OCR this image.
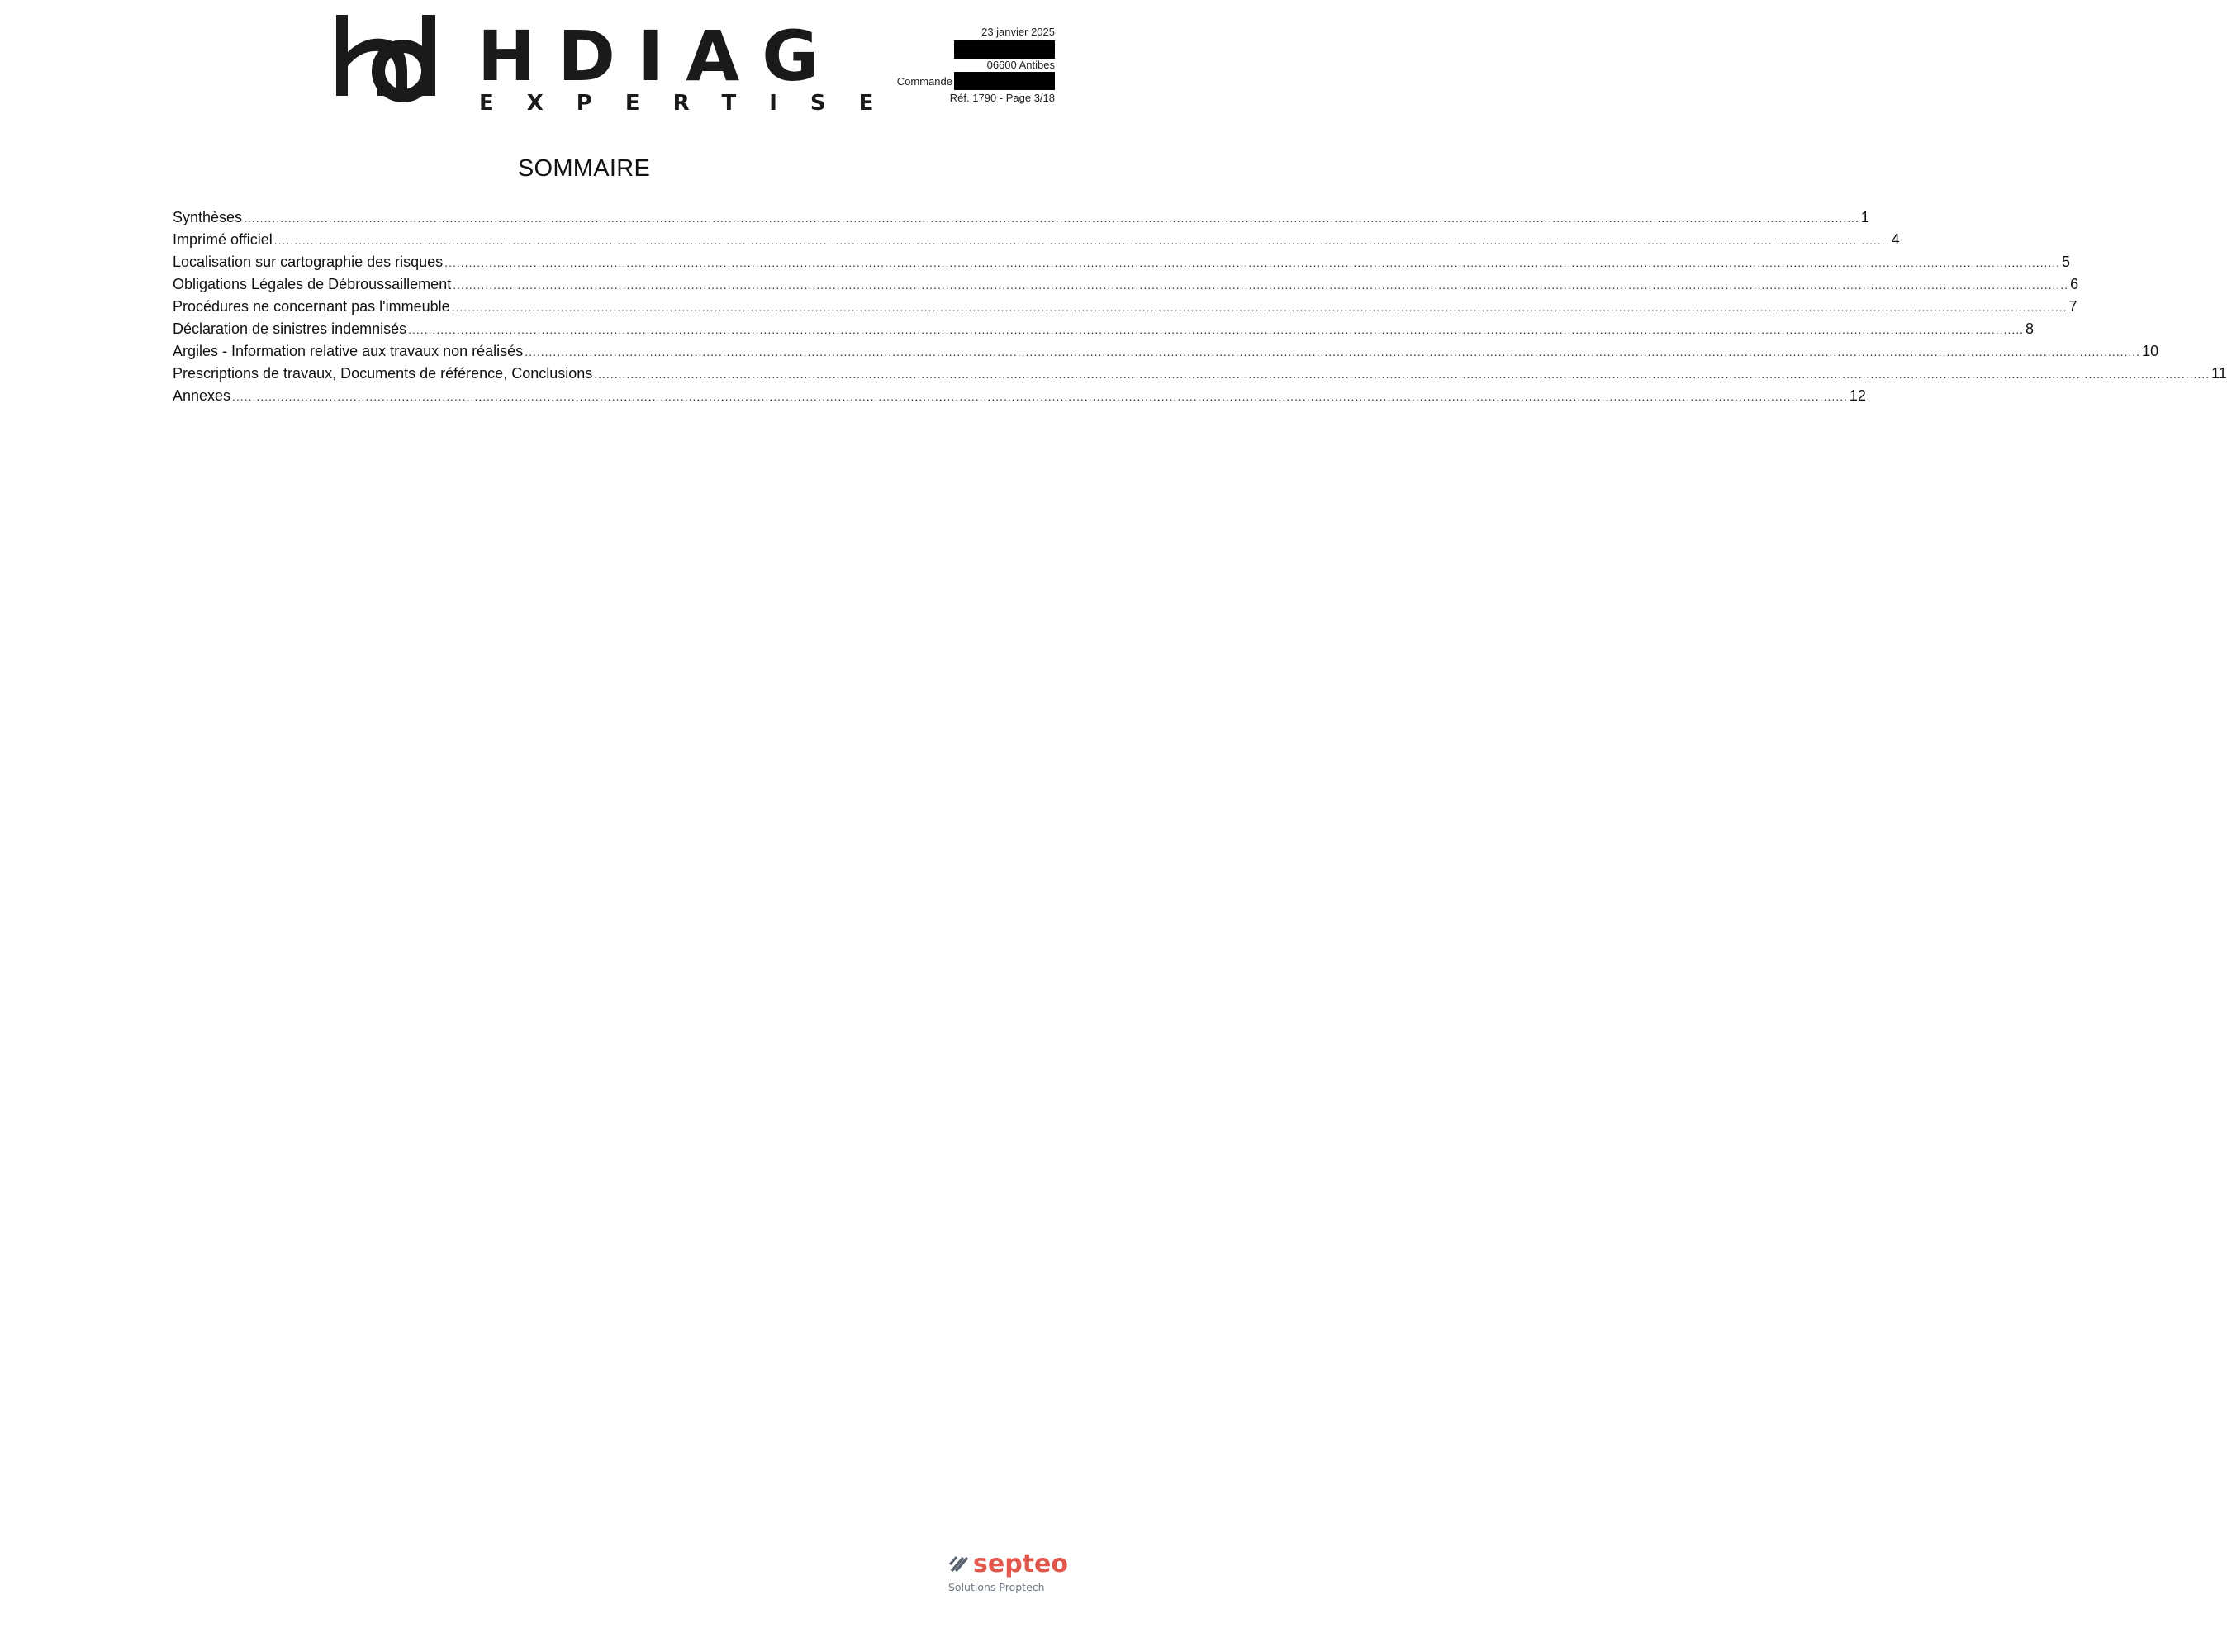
HDIAG
EXPERTISE
23 janvier 2025
06600 Antibes
Commande
Réf. 1790 - Page 3/18
SOMMAIRE
Synthèses ................................................................................................................................................................................................................................................................................................................................................................................................................ 1
Imprimé officiel ................................................................................................................................................................................................................................................................................................................................................................................................................ 4
Localisation sur cartographie des risques ................................................................................................................................................................................................................................................................................................................................................................................................................ 5
Obligations Légales de Débroussaillement ................................................................................................................................................................................................................................................................................................................................................................................................................ 6
Procédures ne concernant pas l'immeuble ................................................................................................................................................................................................................................................................................................................................................................................................................ 7
Déclaration de sinistres indemnisés ................................................................................................................................................................................................................................................................................................................................................................................................................ 8
Argiles - Information relative aux travaux non réalisés ................................................................................................................................................................................................................................................................................................................................................................................................................ 10
Prescriptions de travaux, Documents de référence, Conclusions ................................................................................................................................................................................................................................................................................................................................................................................................................ 11
Annexes ................................................................................................................................................................................................................................................................................................................................................................................................................ 12
septeo
Solutions Proptech
